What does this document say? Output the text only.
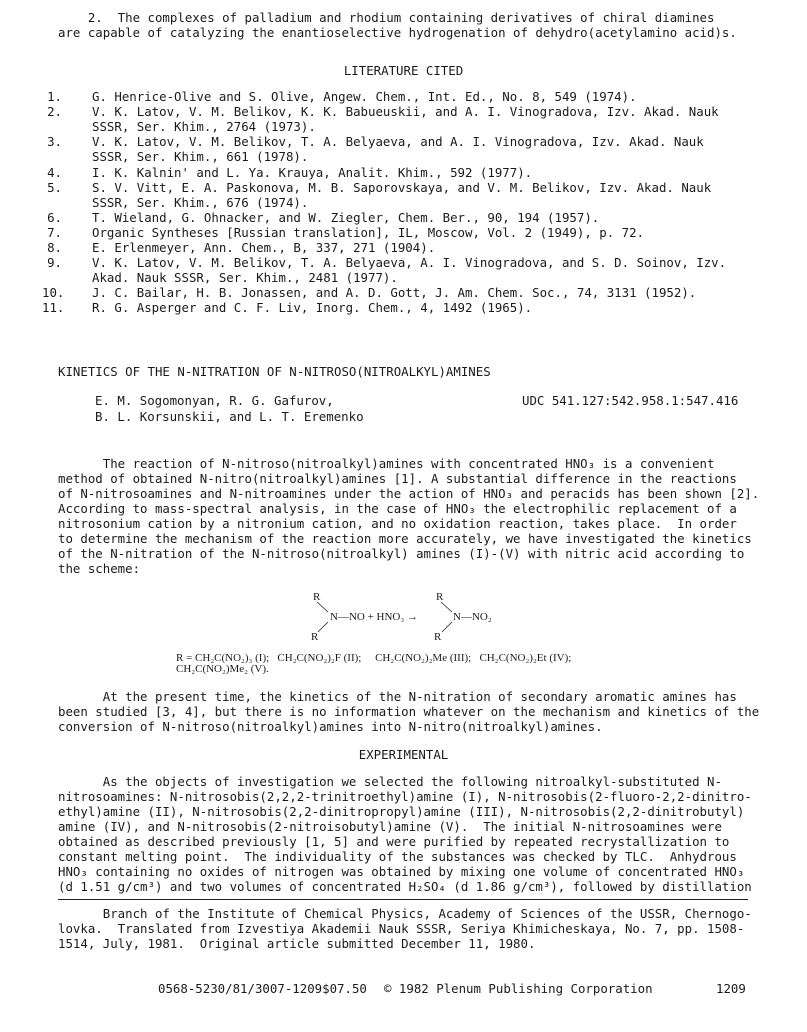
2.  The complexes of palladium and rhodium containing derivatives of chiral diamines
are capable of catalyzing the enantioselective hydrogenation of dehydro(acetylamino acid)s.
LITERATURE CITED
1. G. Henrice-Olive and S. Olive, Angew. Chem., Int. Ed., No. 8, 549 (1974).
2. V. K. Latov, V. M. Belikov, K. K. Babueuskii, and A. I. Vinogradova, Izv. Akad. Nauk
SSSR, Ser. Khim., 2764 (1973).
3. V. K. Latov, V. M. Belikov, T. A. Belyaeva, and A. I. Vinogradova, Izv. Akad. Nauk
SSSR, Ser. Khim., 661 (1978).
4. I. K. Kalnin' and L. Ya. Krauya, Analit. Khim., 592 (1977).
5. S. V. Vitt, E. A. Paskonova, M. B. Saporovskaya, and V. M. Belikov, Izv. Akad. Nauk
SSSR, Ser. Khim., 676 (1974).
6. T. Wieland, G. Ohnacker, and W. Ziegler, Chem. Ber., 90, 194 (1957).
7. Organic Syntheses [Russian translation], IL, Moscow, Vol. 2 (1949), p. 72.
8. E. Erlenmeyer, Ann. Chem., B, 337, 271 (1904).
9. V. K. Latov, V. M. Belikov, T. A. Belyaeva, A. I. Vinogradova, and S. D. Soinov, Izv.
Akad. Nauk SSSR, Ser. Khim., 2481 (1977).
10. J. C. Bailar, H. B. Jonassen, and A. D. Gott, J. Am. Chem. Soc., 74, 3131 (1952).
11. R. G. Asperger and C. F. Liv, Inorg. Chem., 4, 1492 (1965).
KINETICS OF THE N-NITRATION OF N-NITROSO(NITROALKYL)AMINES
E. M. Sogomonyan, R. G. Gafurov,
B. L. Korsunskii, and L. T. Eremenko
UDC 541.127:542.958.1:547.416
The reaction of N-nitroso(nitroalkyl)amines with concentrated HNO₃ is a convenient
method of obtained N-nitro(nitroalkyl)amines [1]. A substantial difference in the reactions
of N-nitrosoamines and N-nitroamines under the action of HNO₃ and peracids has been shown [2].
According to mass-spectral analysis, in the case of HNO₃ the electrophilic replacement of a
nitrosonium cation by a nitronium cation, and no oxidation reaction, takes place.  In order
to determine the mechanism of the reaction more accurately, we have investigated the kinetics
of the N-nitration of the N-nitroso(nitroalkyl) amines (I)-(V) with nitric acid according to
the scheme:
R
N—NO + HNO₃ →
R
R
N—NO₂
R
R = CH₂C(NO₂)₃ (I);   CH₂C(NO₂)₂F (II);     CH₂C(NO₂)₂Me (III);   CH₂C(NO₂)₂Et (IV);
CH₂C(NO₂)Me₂ (V).
At the present time, the kinetics of the N-nitration of secondary aromatic amines has
been studied [3, 4], but there is no information whatever on the mechanism and kinetics of the
conversion of N-nitroso(nitroalkyl)amines into N-nitro(nitroalkyl)amines.
EXPERIMENTAL
As the objects of investigation we selected the following nitroalkyl-substituted N-
nitrosoamines: N-nitrosobis(2,2,2-trinitroethyl)amine (I), N-nitrosobis(2-fluoro-2,2-dinitro-
ethyl)amine (II), N-nitrosobis(2,2-dinitropropyl)amine (III), N-nitrosobis(2,2-dinitrobutyl)
amine (IV), and N-nitrosobis(2-nitroisobutyl)amine (V).  The initial N-nitrosoamines were
obtained as described previously [1, 5] and were purified by repeated recrystallization to
constant melting point.  The individuality of the substances was checked by TLC.  Anhydrous
HNO₃ containing no oxides of nitrogen was obtained by mixing one volume of concentrated HNO₃
(d 1.51 g/cm³) and two volumes of concentrated H₂SO₄ (d 1.86 g/cm³), followed by distillation
Branch of the Institute of Chemical Physics, Academy of Sciences of the USSR, Chernogo-
lovka.  Translated from Izvestiya Akademii Nauk SSSR, Seriya Khimicheskaya, No. 7, pp. 1508-
1514, July, 1981.  Original article submitted December 11, 1980.
0568-5230/81/3007-1209$07.50 © 1982 Plenum Publishing Corporation	1209
